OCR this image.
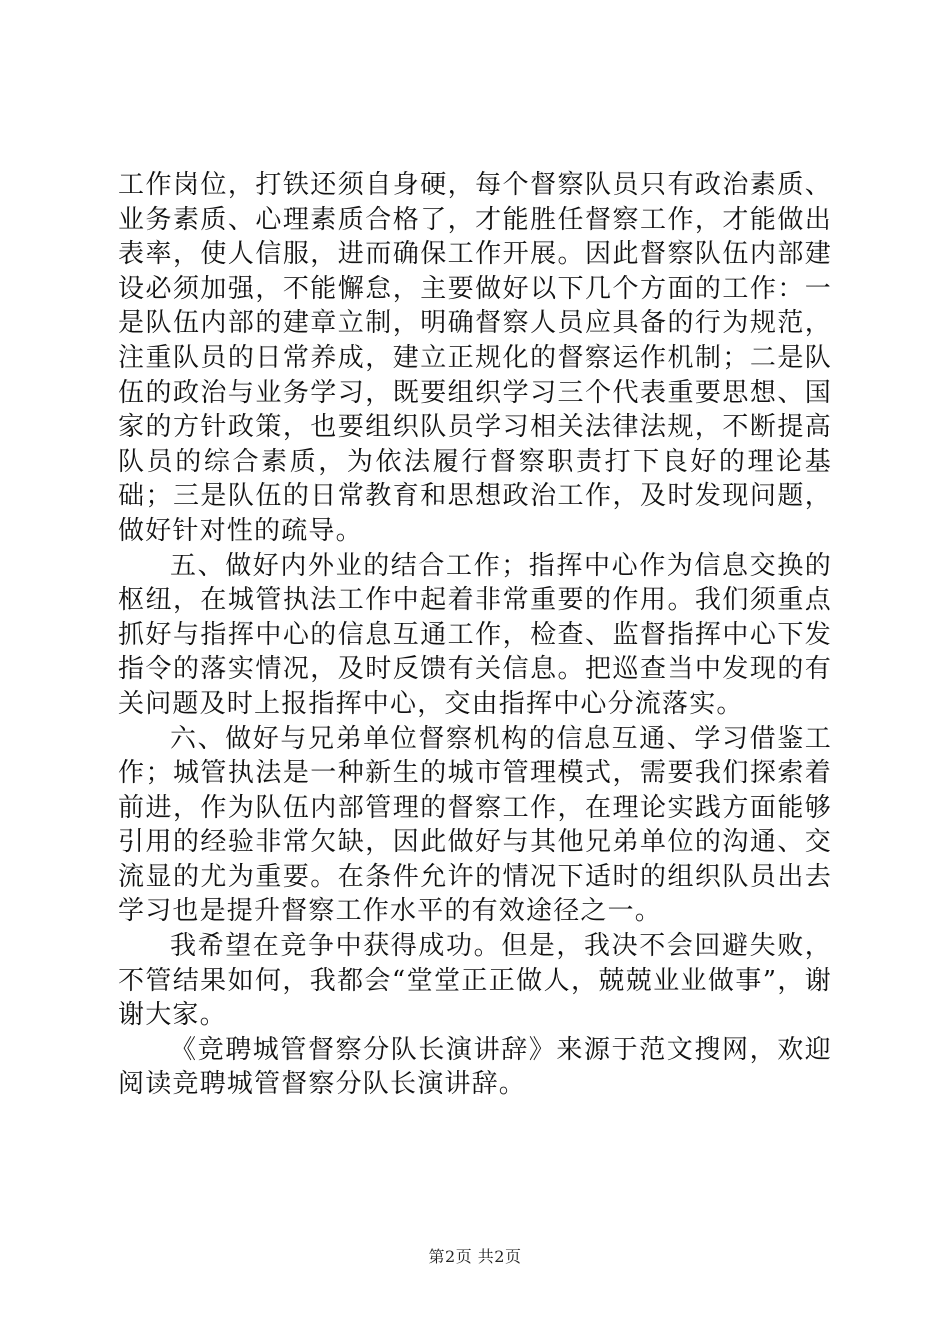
工作岗位，打铁还须自身硬，每个督察队员只有政治素质、业务素质、心理素质合格了，才能胜任督察工作，才能做出表率，使人信服，进而确保工作开展。因此督察队伍内部建设必须加强，不能懈怠，主要做好以下几个方面的工作：一是队伍内部的建章立制，明确督察人员应具备的行为规范，注重队员的日常养成，建立正规化的督察运作机制；二是队伍的政治与业务学习，既要组织学习三个代表重要思想、国家的方针政策，也要组织队员学习相关法律法规，不断提高队员的综合素质，为依法履行督察职责打下良好的理论基础；三是队伍的日常教育和思想政治工作，及时发现问题，做好针对性的疏导。

五、做好内外业的结合工作；指挥中心作为信息交换的枢纽，在城管执法工作中起着非常重要的作用。我们须重点抓好与指挥中心的信息互通工作，检查、监督指挥中心下发指令的落实情况，及时反馈有关信息。把巡查当中发现的有关问题及时上报指挥中心，交由指挥中心分流落实。

六、做好与兄弟单位督察机构的信息互通、学习借鉴工作；城管执法是一种新生的城市管理模式，需要我们探索着前进，作为队伍内部管理的督察工作，在理论实践方面能够引用的经验非常欠缺，因此做好与其他兄弟单位的沟通、交流显的尤为重要。在条件允许的情况下适时的组织队员出去学习也是提升督察工作水平的有效途径之一。

我希望在竞争中获得成功。但是，我决不会回避失败，不管结果如何，我都会“堂堂正正做人，兢兢业业做事”，谢谢大家。

《竞聘城管督察分队长演讲辞》来源于范文搜网，欢迎阅读竞聘城管督察分队长演讲辞。

第2页 共2页
